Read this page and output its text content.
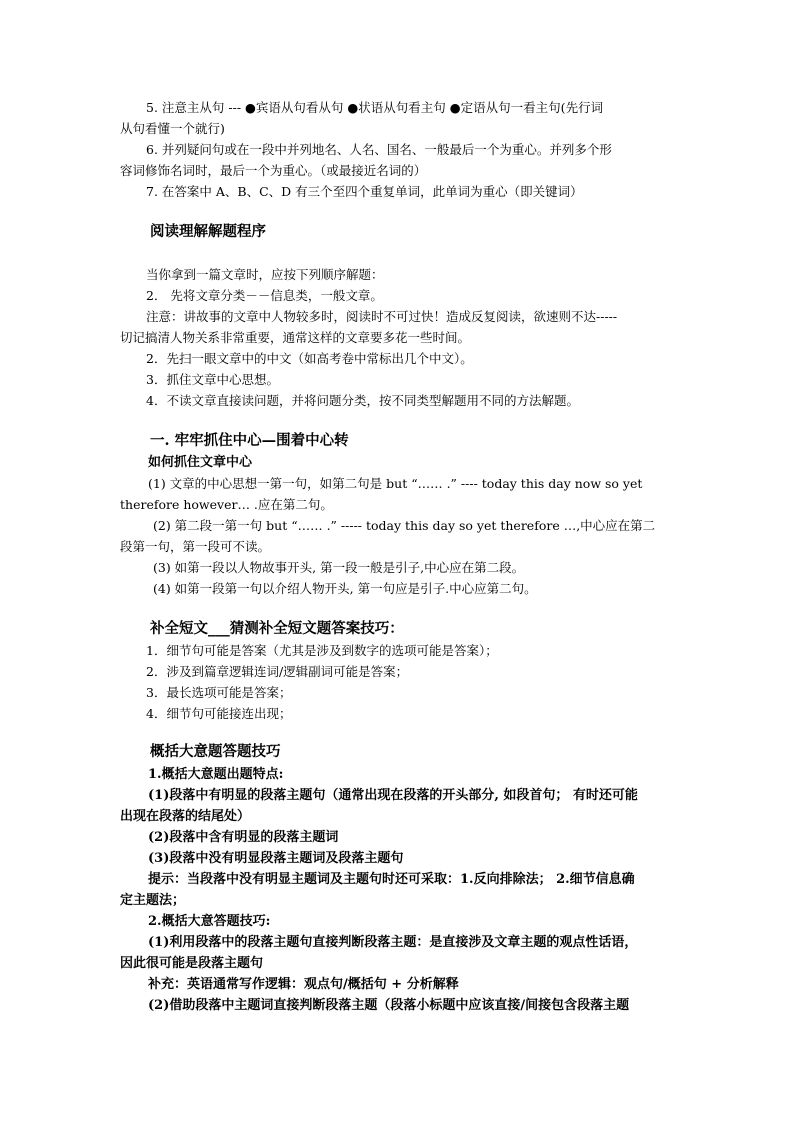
5. 注意主从句 --- ●宾语从句看从句 ●状语从句看主句 ●定语从句一看主句(先行词
从句看懂一个就行)
6. 并列疑问句或在一段中并列地名、人名、国名、一般最后一个为重心。并列多个形
容词修饰名词时，最后一个为重心。（或最接近名词的）
7. 在答案中 A、B、C、D 有三个至四个重复单词，此单词为重心（即关键词）
阅读理解解题程序
当你拿到一篇文章时，应按下列顺序解题：
2． 先将文章分类－－信息类，一般文章。
注意：讲故事的文章中人物较多时，阅读时不可过快！造成反复阅读，欲速则不达-----
切记搞清人物关系非常重要，通常这样的文章要多花一些时间。
2．先扫一眼文章中的中文（如高考卷中常标出几个中文）。
3．抓住文章中心思想。
4．不读文章直接读问题，并将问题分类，按不同类型解题用不同的方法解题。
一. 牢牢抓住中心—围着中心转
如何抓住文章中心
(1) 文章的中心思想一第一句，如第二句是 but “…… .” ---- today this day now so yet
therefore however… .应在第二句。
(2) 第二段一第一句 but “…… .” ----- today this day so yet therefore …,中心应在第二
段第一句，第一段可不读。
(3) 如第一段以人物故事开头, 第一段一般是引子,中心应在第二段。
(4) 如第一段第一句以介绍人物开头, 第一句应是引子.中心应第二句。
补全短文___猜测补全短文题答案技巧：
1．细节句可能是答案（尤其是涉及到数字的选项可能是答案）；
2．涉及到篇章逻辑连词/逻辑副词可能是答案；
3．最长选项可能是答案；
4．细节句可能接连出现；
概括大意题答题技巧
1.概括大意题出题特点:
(1)段落中有明显的段落主题句（通常出现在段落的开头部分, 如段首句； 有时还可能
出现在段落的结尾处）
(2)段落中含有明显的段落主题词
(3)段落中没有明显段落主题词及段落主题句
提示：当段落中没有明显主题词及主题句时还可采取：1.反向排除法； 2.细节信息确
定主题法；
2.概括大意答题技巧:
(1)利用段落中的段落主题句直接判断段落主题：是直接涉及文章主题的观点性话语，
因此很可能是段落主题句
补充：英语通常写作逻辑：观点句/概括句 + 分析解释
(2)借助段落中主题词直接判断段落主题（段落小标题中应该直接/间接包含段落主题
